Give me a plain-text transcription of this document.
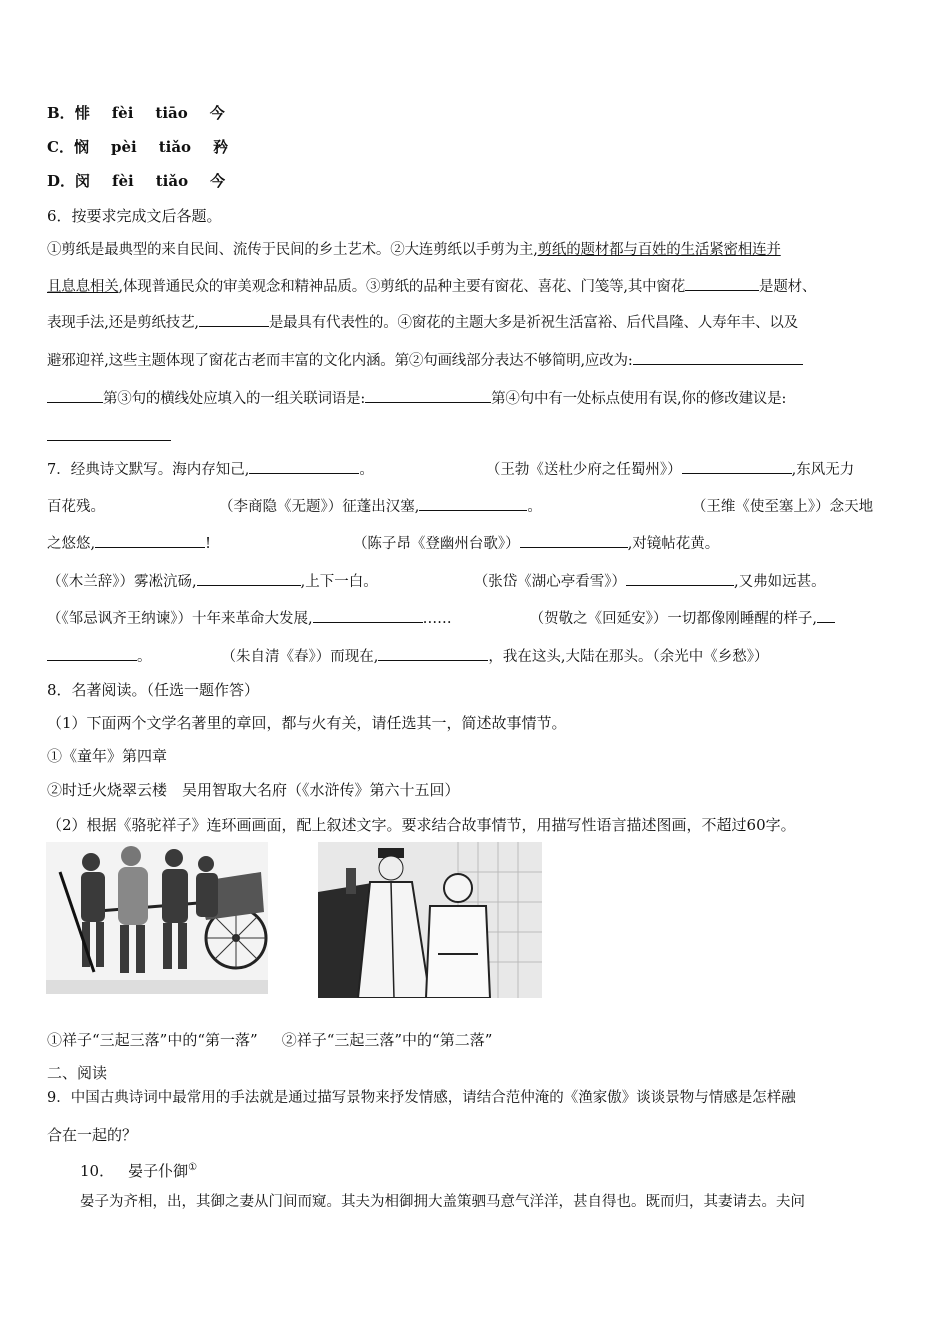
B．悱 fèi tiāo 今
C．悯 pèi tiǎo 矜
D．闵 fèi tiǎo 今
6．按要求完成文后各题。
①剪纸是最典型的来自民间、流传于民间的乡土艺术。②大连剪纸以手剪为主,剪纸的题材都与百姓的生活紧密相连并
且息息相关,体现普通民众的审美观念和精神品质。③剪纸的品种主要有窗花、喜花、门笺等,其中窗花	是题材、
表现手法,还是剪纸技艺,	是最具有代表性的。④窗花的主题大多是祈祝生活富裕、后代昌隆、人寿年丰、以及
避邪迎祥,这些主题体现了窗花古老而丰富的文化内涵。第②句画线部分表达不够简明,应改为:
第③句的横线处应填入的一组关联词语是:	第④句中有一处标点使用有误,你的修改建议是:
7．经典诗文默写。海内存知己,	。	（王勃《送杜少府之任蜀州》）	,东风无力
百花残。	（李商隐《无题》）征蓬出汉塞,	。	（王维《使至塞上》）念天地
之悠悠,	!	（陈子昂《登幽州台歌》）	,对镜帖花黄。
（《木兰辞》）雾凇沆砀,	,上下一白。	（张岱《湖心亭看雪》）	,又弗如远甚。
（《邹忌讽齐王纳谏》）十年来革命大发展,	……	（贺敬之《回延安》）一切都像刚睡醒的样子,
。	（朱自清《春》）而现在,	，我在这头,大陆在那头。（余光中《乡愁》）
8．名著阅读。（任选一题作答）
（1）下面两个文学名著里的章回，都与火有关，请任选其一，简述故事情节。
①《童年》第四章
②时迁火烧翠云楼　吴用智取大名府（《水浒传》第六十五回）
（2）根据《骆驼祥子》连环画画面，配上叙述文字。要求结合故事情节，用描写性语言描述图画，不超过60字。
①祥子“三起三落”中的“第一落” ②祥子“三起三落”中的“第二落”
二、阅读
9．中国古典诗词中最常用的手法就是通过描写景物来抒发情感，请结合范仲淹的《渔家傲》谈谈景物与情感是怎样融
合在一起的？
10． 晏子仆御①
晏子为齐相，出，其御之妻从门间而窥。其夫为相御拥大盖策驷马意气洋洋，甚自得也。既而归，其妻请去。夫问
